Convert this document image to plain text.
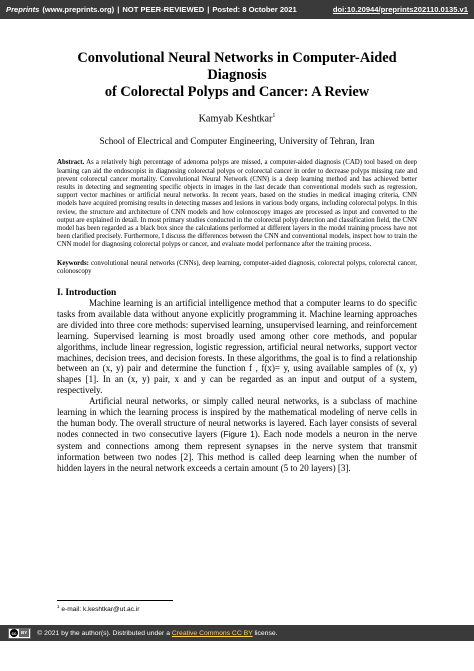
Preprints (www.preprints.org) | NOT PEER-REVIEWED | Posted: 8 October 2021	doi:10.20944/preprints202110.0135.v1
Convolutional Neural Networks in Computer-Aided Diagnosis
of Colorectal Polyps and Cancer: A Review
Kamyab Keshtkar$^1$
School of Electrical and Computer Engineering, University of Tehran, Iran
Abstract. As a relatively high percentage of adenoma polyps are missed, a computer-aided diagnosis (CAD) tool based on deep learning can aid the endoscopist in diagnosing colorectal polyps or colorectal cancer in order to decrease polyps missing rate and prevent colorectal cancer mortality. Convolutional Neural Network (CNN) is a deep learning method and has achieved better results in detecting and segmenting specific objects in images in the last decade than conventional models such as regression, support vector machines or artificial neural networks. In recent years, based on the studies in medical imaging criteria, CNN models have acquired promising results in detecting masses and lesions in various body organs, including colorectal polyps. In this review, the structure and architecture of CNN models and how colonoscopy images are processed as input and converted to the output are explained in detail. In most primary studies conducted in the colorectal polyp detection and classification field, the CNN model has been regarded as a black box since the calculations performed at different layers in the model training process have not been clarified precisely. Furthermore, I discuss the differences between the CNN and conventional models, inspect how to train the CNN model for diagnosing colorectal polyps or cancer, and evaluate model performance after the training process.
Keywords: convolutional neural networks (CNNs), deep learning, computer-aided diagnosis, colorectal polyps, colorectal cancer, colonoscopy
I. Introduction

Machine learning is an artificial intelligence method that a computer learns to do specific tasks from available data without anyone explicitly programming it. Machine learning approaches are divided into three core methods: supervised learning, unsupervised learning, and reinforcement learning. Supervised learning is most broadly used among other core methods, and popular algorithms, include linear regression, logistic regression, artificial neural networks, support vector machines, decision trees, and decision forests. In these algorithms, the goal is to find a relationship between an (x, y) pair and determine the function f , f(x)= y, using available samples of (x, y) shapes [1]. In an (x, y) pair, x and y can be regarded as an input and output of a system, respectively.

Artificial neural networks, or simply called neural networks, is a subclass of machine learning in which the learning process is inspired by the mathematical modeling of nerve cells in the human body. The overall structure of neural networks is layered. Each layer consists of several nodes connected in two consecutive layers (Figure 1). Each node models a neuron in the nerve system and connections among them represent synapses in the nerve system that transmit information between two nodes [2]. This method is called deep learning when the number of hidden layers in the neural network exceeds a certain amount (5 to 20 layers) [3].

$^1$ e-mail: k.keshtkar@ut.ac.ir
cc	BY © 2021 by the author(s). Distributed under a Creative Commons CC BY license.
